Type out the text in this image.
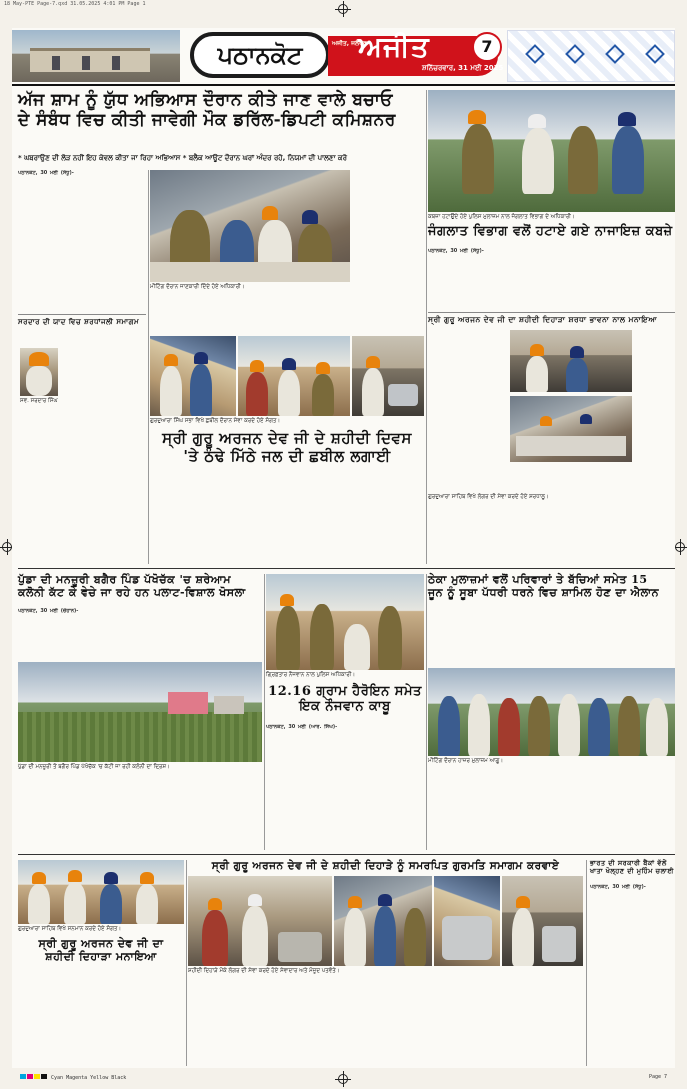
18 May-PTE Page-7.qxd 31.05.2025 4:01 PM Page 1
ਪਠਾਨਕੋਟ	ਅਜੀਤ, ਜਲੰਧਰ
ਅਜੀਤ
ਸ਼ਨਿੱਚਰਵਾਰ, 31 ਮਈ 2025
7
ਅੱਜ ਸ਼ਾਮ ਨੂੰ ਯੁੱਧ ਅਭਿਆਸ ਦੌਰਾਨ ਕੀਤੇ ਜਾਣ ਵਾਲੇ ਬਚਾਓ
ਦੇ ਸੰਬੰਧ ਵਿਚ ਕੀਤੀ ਜਾਵੇਗੀ ਮੌਕ ਡਰਿੱਲ-ਡਿਪਟੀ ਕਮਿਸ਼ਨਰ
* ਘਬਰਾਉਣ ਦੀ ਲੋੜ ਨਹੀਂ ਇਹ ਕੇਵਲ ਕੀਤਾ ਜਾ ਰਿਹਾ ਅਭਿਆਸ * ਬਲੈਕ ਆਊਟ ਦੌਰਾਨ ਘਰਾਂ ਅੰਦਰ ਰਹੋ, ਨਿਯਮਾਂ ਦੀ ਪਾਲਣਾ ਕਰੋ
ਪਠਾਨਕੋਟ, 30 ਮਈ (ਸੰਧੂ)-
ਮੀਟਿੰਗ ਦੌਰਾਨ ਜਾਣਕਾਰੀ ਦਿੰਦੇ ਹੋਏ ਅਧਿਕਾਰੀ।
ਕਬਜ਼ਾ ਹਟਾਉਂਦੇ ਹੋਏ ਪੁਲਿਸ ਮੁਲਾਜ਼ਮ ਨਾਲ ਜੰਗਲਾਤ ਵਿਭਾਗ ਦੇ ਅਧਿਕਾਰੀ।
ਜੰਗਲਾਤ ਵਿਭਾਗ ਵਲੋਂ ਹਟਾਏ ਗਏ ਨਾਜਾਇਜ਼ ਕਬਜ਼ੇ
ਪਠਾਨਕੋਟ, 30 ਮਈ (ਸੰਧੂ)-
ਸਰਦਾਰ ਦੀ ਯਾਦ ਵਿਚ ਸ਼ਰਧਾਂਜਲੀ ਸਮਾਗਮ
ਸਵ. ਸਰਦਾਰ ਸਿੰਘ
ਗੁਰਦੁਆਰਾ ਸਿੰਘ ਸਭਾ ਵਿਖੇ ਛਬੀਲ ਦੌਰਾਨ ਸੇਵਾ ਕਰਦੇ ਹੋਏ ਸੰਗਤ।
ਸ੍ਰੀ ਗੁਰੂ ਅਰਜਨ ਦੇਵ ਜੀ ਦੇ ਸ਼ਹੀਦੀ ਦਿਵਸ
'ਤੇ ਠੰਢੇ ਮਿੱਠੇ ਜਲ ਦੀ ਛਬੀਲ ਲਗਾਈ
ਸ੍ਰੀ ਗੁਰੂ ਅਰਜਨ ਦੇਵ ਜੀ ਦਾ ਸ਼ਹੀਦੀ ਦਿਹਾੜਾ ਸ਼ਰਧਾ ਭਾਵਨਾ ਨਾਲ ਮਨਾਇਆ
ਗੁਰਦੁਆਰਾ ਸਾਹਿਬ ਵਿਖੇ ਲੰਗਰ ਦੀ ਸੇਵਾ ਕਰਦੇ ਹੋਏ ਸ਼ਰਧਾਲੂ।
ਪੁੱਡਾ ਦੀ ਮਨਜ਼ੂਰੀ ਬਗੈਰ ਪਿੰਡ ਪੱਖੋਚੱਕ 'ਚ ਸ਼ਰੇਆਮ
ਕਲੋਨੀ ਕੱਟ ਕੇ ਵੇਚੇ ਜਾ ਰਹੇ ਹਨ ਪਲਾਟ-ਵਿਸ਼ਾਲ ਖੋਸਲਾ
ਪਠਾਨਕੋਟ, 30 ਮਈ (ਚੌਹਾਨ)-
ਪੁੱਡਾ ਦੀ ਮਨਜ਼ੂਰੀ ਤੋਂ ਬਗੈਰ ਪਿੰਡ ਪੱਖੋਚੱਕ 'ਚ ਕੱਟੀ ਜਾ ਰਹੀ ਕਲੋਨੀ ਦਾ ਦ੍ਰਿਸ਼।
ਗ੍ਰਿਫ਼ਤਾਰ ਨੌਜਵਾਨ ਨਾਲ ਪੁਲਿਸ ਅਧਿਕਾਰੀ।
12.16 ਗ੍ਰਾਮ ਹੈਰੋਇਨ ਸਮੇਤ
ਇਕ ਨੌਜਵਾਨ ਕਾਬੂ
ਪਠਾਨਕੋਟ, 30 ਮਈ (ਆਰ. ਸਿੰਘ)-
ਠੇਕਾ ਮੁਲਾਜ਼ਮਾਂ ਵਲੋਂ ਪਰਿਵਾਰਾਂ ਤੇ ਬੱਚਿਆਂ ਸਮੇਤ 15
ਜੂਨ ਨੂੰ ਸੂਬਾ ਪੱਧਰੀ ਧਰਨੇ ਵਿਚ ਸ਼ਾਮਿਲ ਹੋਣ ਦਾ ਐਲਾਨ
ਮੀਟਿੰਗ ਦੌਰਾਨ ਹਾਜ਼ਰ ਮੁਲਾਜ਼ਮ ਆਗੂ।
ਗੁਰਦੁਆਰਾ ਸਾਹਿਬ ਵਿਖੇ ਸਨਮਾਨ ਕਰਦੇ ਹੋਏ ਸੰਗਤ।
ਸ੍ਰੀ ਗੁਰੂ ਅਰਜਨ ਦੇਵ ਜੀ ਦਾ
ਸ਼ਹੀਦੀ ਦਿਹਾੜਾ ਮਨਾਇਆ
ਸ੍ਰੀ ਗੁਰੂ ਅਰਜਨ ਦੇਵ ਜੀ ਦੇ ਸ਼ਹੀਦੀ ਦਿਹਾੜੇ ਨੂੰ ਸਮਰਪਿਤ ਗੁਰਮਤਿ ਸਮਾਗਮ ਕਰਵਾਏ
ਸ਼ਹੀਦੀ ਦਿਹਾੜੇ ਮੌਕੇ ਲੰਗਰ ਦੀ ਸੇਵਾ ਕਰਦੇ ਹੋਏ ਸੇਵਾਦਾਰ ਅਤੇ ਮੌਜੂਦ ਪਤਵੰਤੇ।
ਭਾਰਤ ਦੀ ਸਰਕਾਰੀ ਬੈਂਕਾਂ ਵੱਲੋਂ ਖਾਤਾ ਖੋਲ੍ਹਣ ਦੀ ਮੁਹਿੰਮ ਚਲਾਈ
ਪਠਾਨਕੋਟ, 30 ਮਈ (ਸੰਧੂ)-
Cyan Magenta Yellow Black	Page 7
